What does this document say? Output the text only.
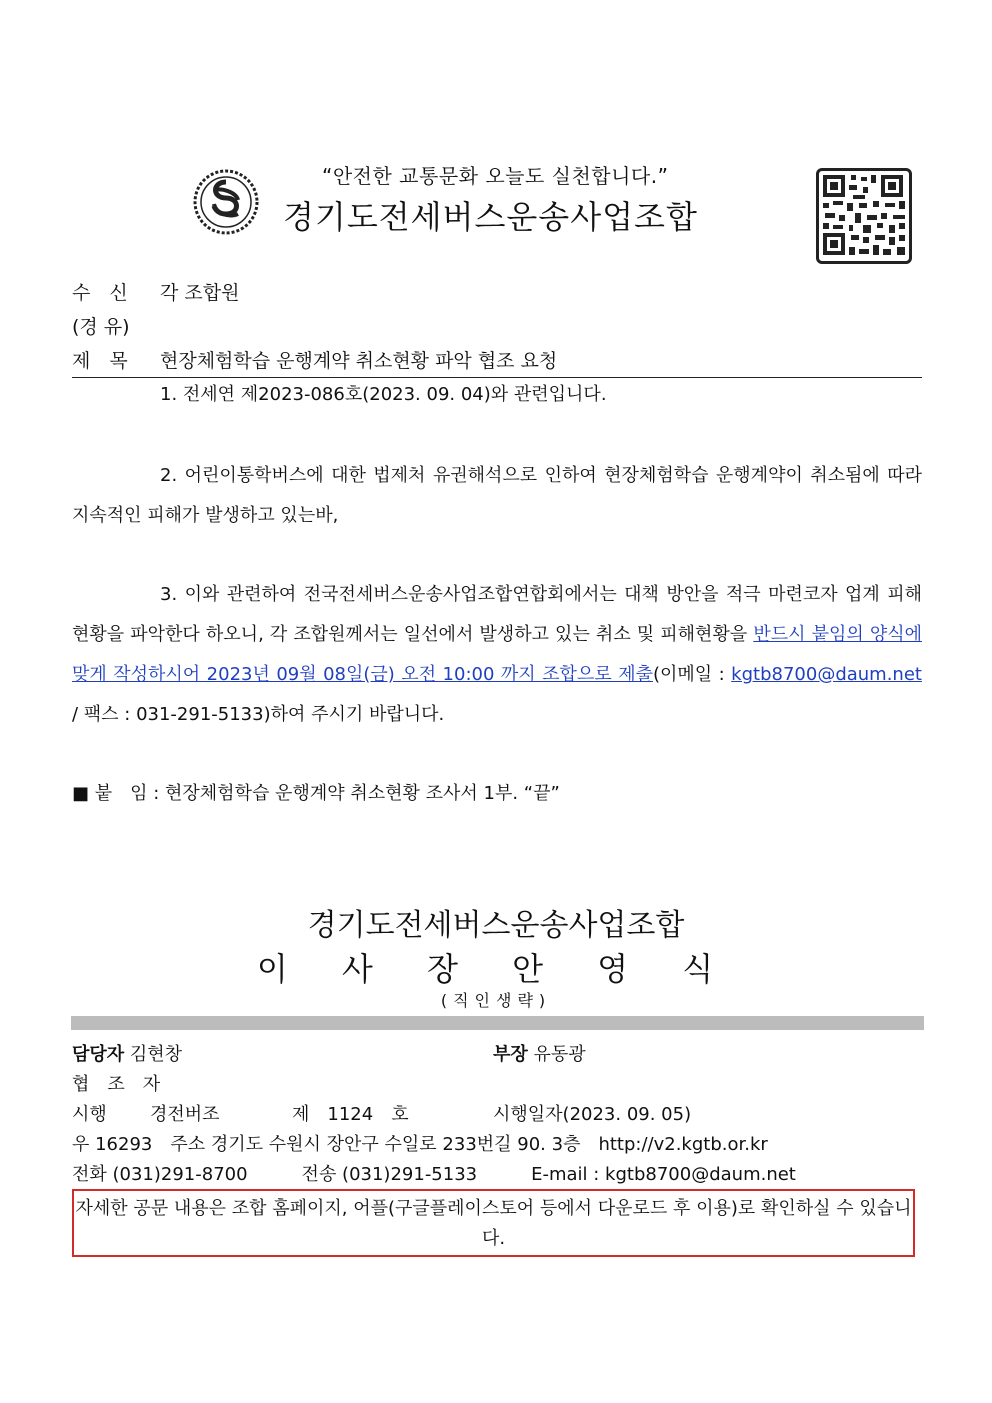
“안전한 교통문화 오늘도 실천합니다.”
경기도전세버스운송사업조합
수　신 각 조합원
(경 유)
제　목 현장체험학습 운행계약 취소현황 파악 협조 요청
1. 전세연 제2023-086호(2023. 09. 04)와 관련입니다.
2. 어린이통학버스에 대한 법제처 유권해석으로 인하여 현장체험학습 운행계약이 취소됨에 따라 지속적인 피해가 발생하고 있는바,
3. 이와 관련하여 전국전세버스운송사업조합연합회에서는 대책 방안을 적극 마련코자 업계 피해 현황을 파악한다 하오니, 각 조합원께서는 일선에서 발생하고 있는 취소 및 피해현황을 반드시 붙임의 양식에 맞게 작성하시어 2023년 09월 08일(금) 오전 10:00 까지 조합으로 제출(이메일 : kgtb8700@daum.net / 팩스 : 031-291-5133)하여 주시기 바랍니다.
■ 붙　임 : 현장체험학습 운행계약 취소현황 조사서 1부. “끝”
경기도전세버스운송사업조합
이 사 장 안 영 식
(직인생략)
담당자 김현창	부장 유동광
협　조　자
시행 경전버조	제　1124　호	시행일자(2023. 09. 05)
우 16293　주소 경기도 수원시 장안구 수일로 233번길 90. 3층　http://v2.kgtb.or.kr
전화 (031)291-8700　　　전송 (031)291-5133　　　E-mail : kgtb8700@daum.net
자세한 공문 내용은 조합 홈페이지, 어플(구글플레이스토어 등에서 다운로드 후 이용)로 확인하실 수 있습니다.
